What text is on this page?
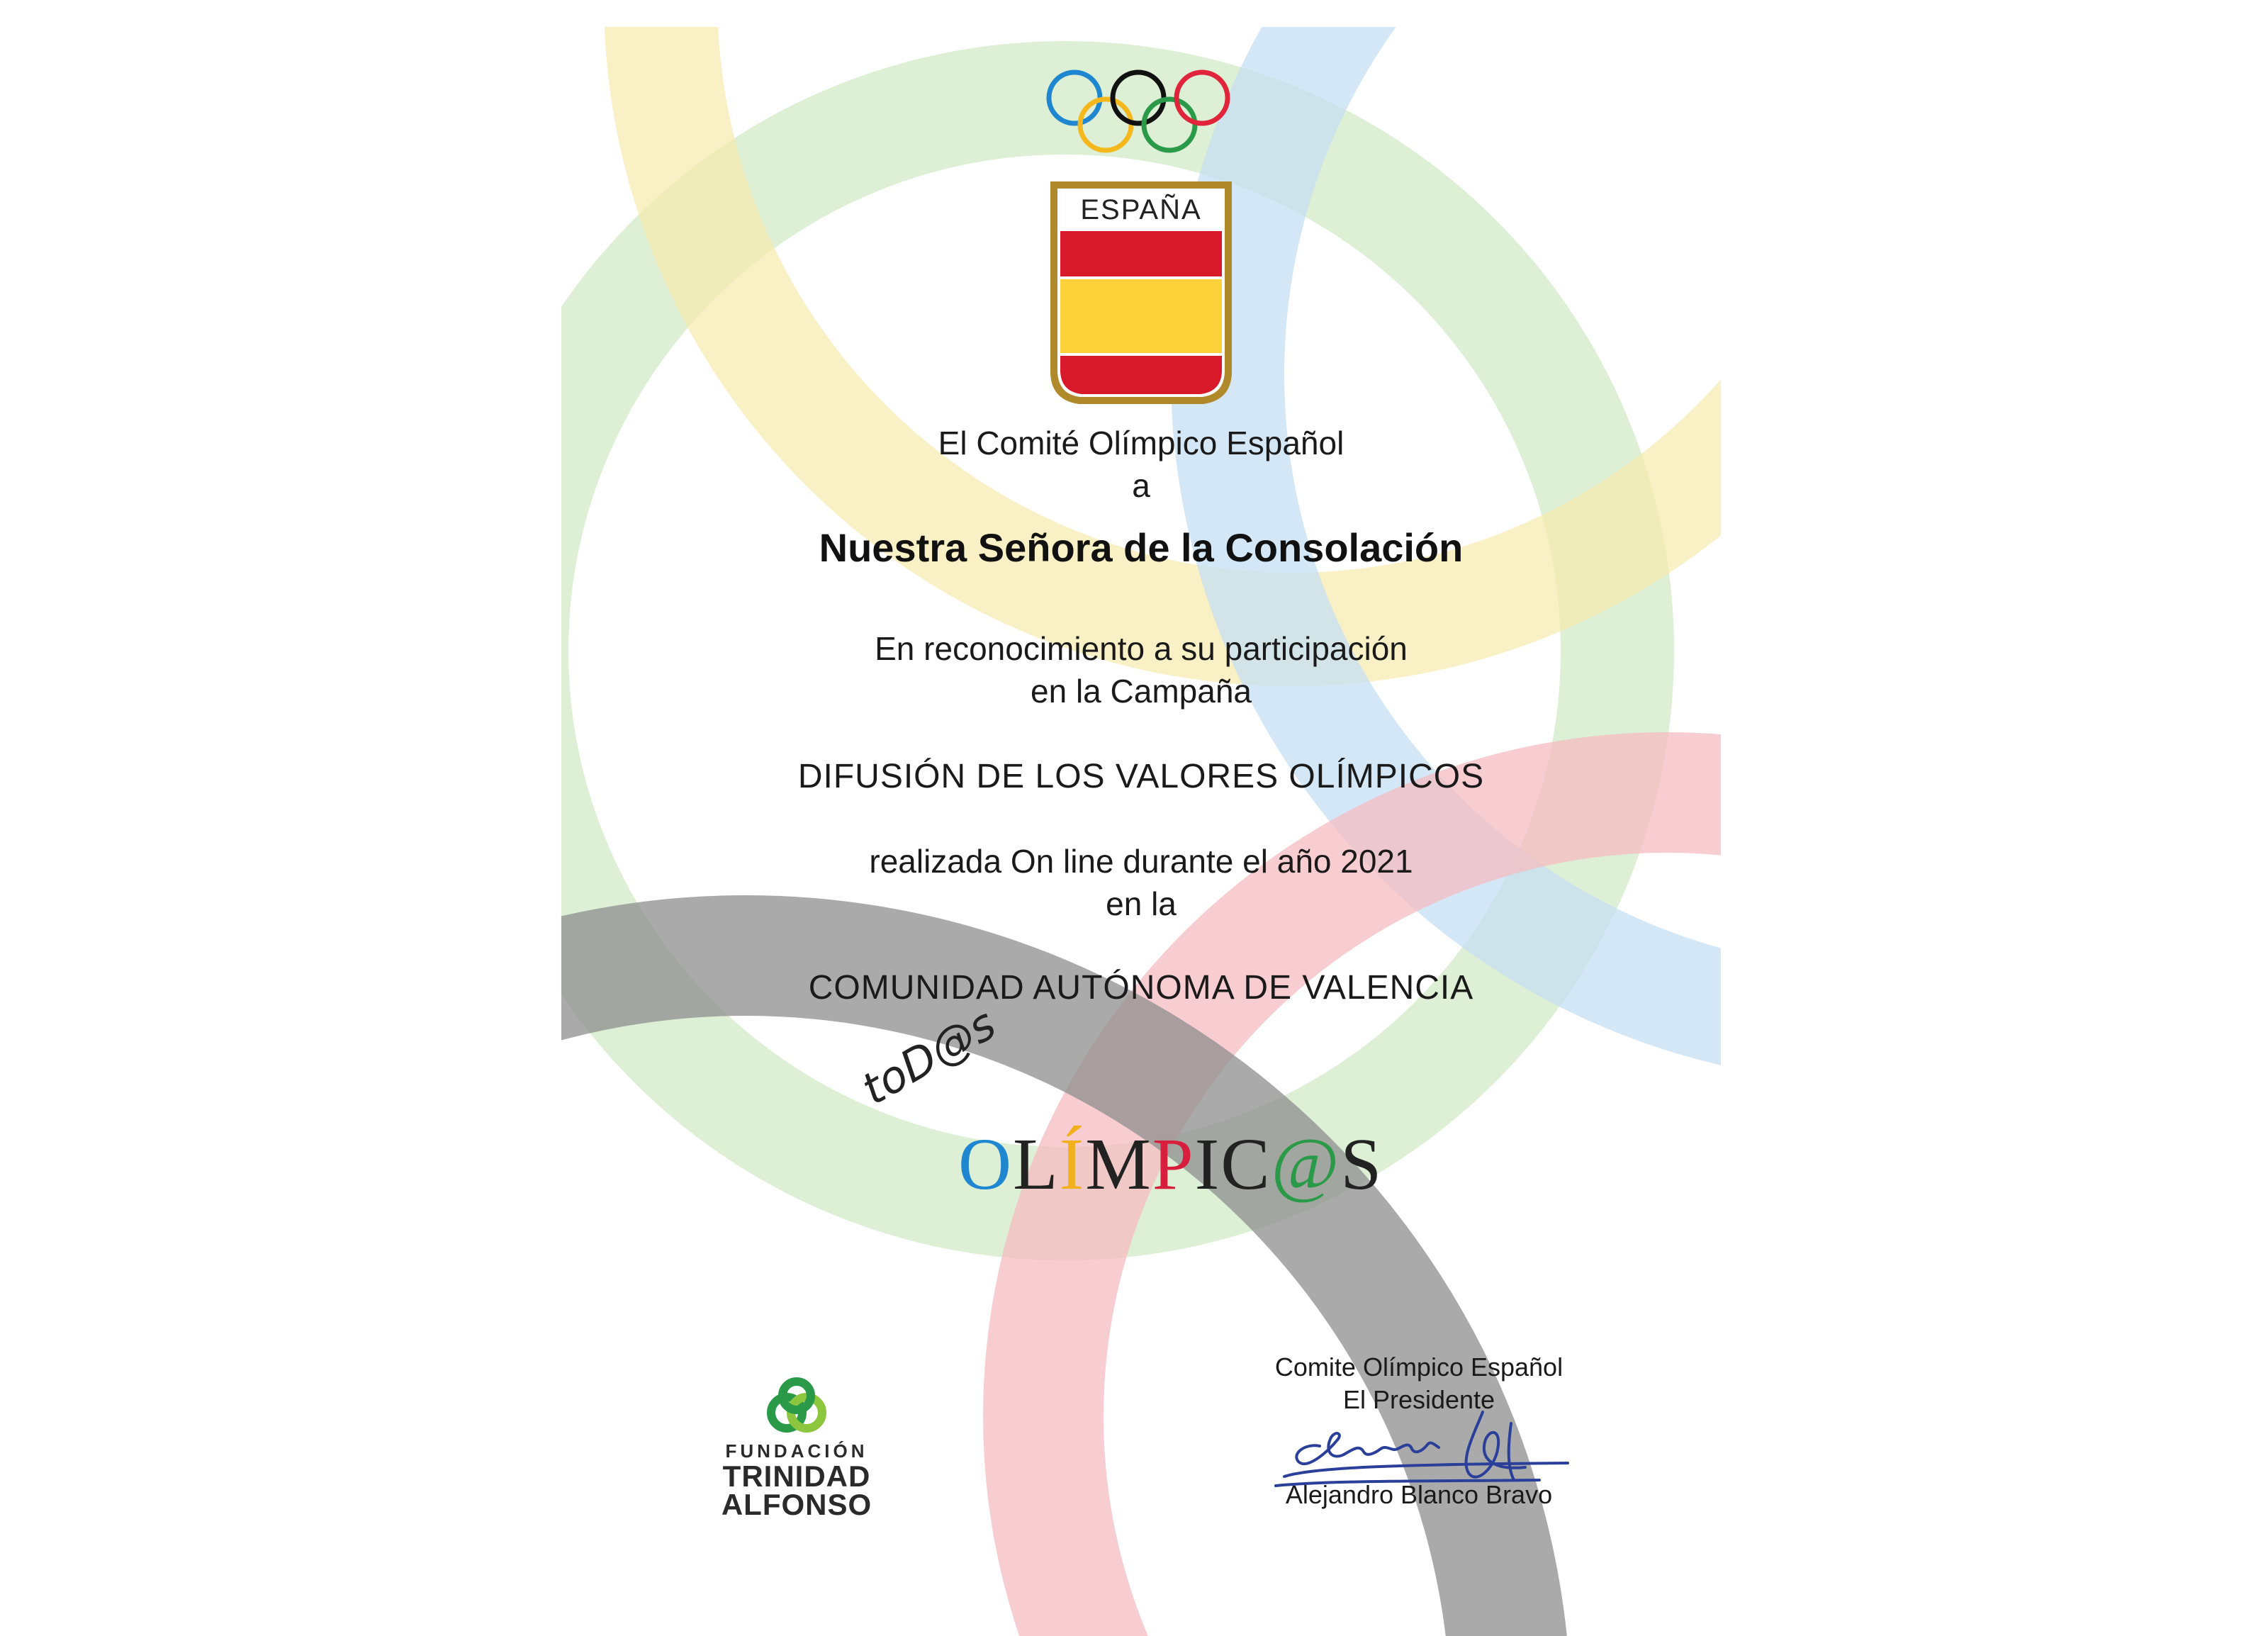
ESPAÑA
El Comité Olímpico Español
a
Nuestra Señora de la Consolación
En reconocimiento a su participación
en la Campaña
DIFUSIÓN DE LOS VALORES OLÍMPICOS
realizada On line durante el año 2021
en la
COMUNIDAD AUTÓNOMA DE VALENCIA
toD@s
OLÍMPIC@S
FUNDACIÓN
TRINIDAD
ALFONSO
Comite Olímpico Español
El Presidente
Alejandro Blanco Bravo
